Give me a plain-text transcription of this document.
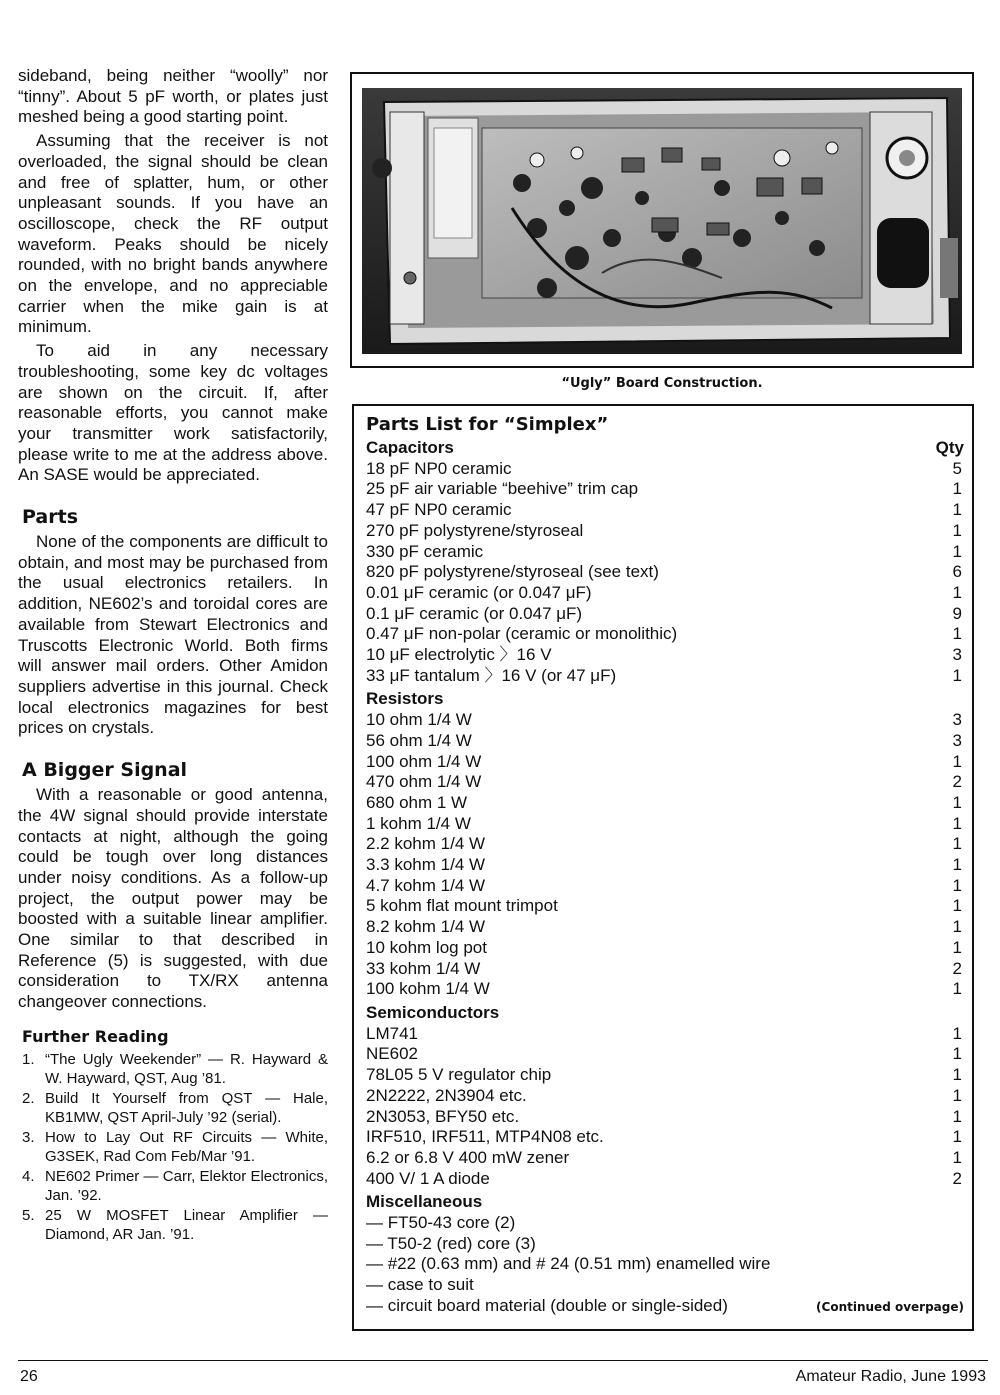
sideband, being neither “woolly” nor “tinny”. About 5 pF worth, or plates just meshed being a good starting point.

Assuming that the receiver is not overloaded, the signal should be clean and free of splatter, hum, or other unpleasant sounds. If you have an oscilloscope, check the RF output waveform. Peaks should be nicely rounded, with no bright bands anywhere on the envelope, and no appreciable carrier when the mike gain is at minimum.

To aid in any necessary troubleshooting, some key dc voltages are shown on the circuit. If, after reasonable efforts, you cannot make your transmitter work satisfactorily, please write to me at the address above. An SASE would be appreciated.

Parts

None of the components are difficult to obtain, and most may be purchased from the usual electronics retailers. In addition, NE602’s and toroidal cores are available from Stewart Electronics and Truscotts Electronic World. Both firms will answer mail orders. Other Amidon suppliers advertise in this journal. Check local electronics magazines for best prices on crystals.

A Bigger Signal

With a reasonable or good antenna, the 4W signal should provide interstate contacts at night, although the going could be tough over long distances under noisy conditions. As a follow-up project, the output power may be boosted with a suitable linear amplifier. One similar to that described in Reference (5) is suggested, with due consideration to TX/RX antenna changeover connections.

Further Reading
1. “The Ugly Weekender” — R. Hayward & W. Hayward, QST, Aug ’81.
2. Build It Yourself from QST — Hale, KB1MW, QST April-July ’92 (serial).
3. How to Lay Out RF Circuits — White, G3SEK, Rad Com Feb/Mar ’91.
4. NE602 Primer — Carr, Elektor Electronics, Jan. ’92.
5. 25 W MOSFET Linear Amplifier — Diamond, AR Jan. ’91.
“Ugly” Board Construction.
Parts List for “Simplex”
Capacitors	Qty
18 pF NP0 ceramic	5
25 pF air variable “beehive” trim cap	1
47 pF NP0 ceramic	1
270 pF polystyrene/styroseal	1
330 pF ceramic	1
820 pF polystyrene/styroseal (see text)	6
0.01 μF ceramic (or 0.047 μF)	1
0.1 μF ceramic (or 0.047 μF)	9
0.47 μF non-polar (ceramic or monolithic)	1
10 μF electrolytic 〉16 V	3
33 μF tantalum 〉16 V (or 47 μF)	1
Resistors
10 ohm 1/4 W	3
56 ohm 1/4 W	3
100 ohm 1/4 W	1
470 ohm 1/4 W	2
680 ohm 1 W	1
1 kohm 1/4 W	1
2.2 kohm 1/4 W	1
3.3 kohm 1/4 W	1
4.7 kohm 1/4 W	1
5 kohm flat mount trimpot	1
8.2 kohm 1/4 W	1
10 kohm log pot	1
33 kohm 1/4 W	2
100 kohm 1/4 W	1
Semiconductors
LM741	1
NE602	1
78L05 5 V regulator chip	1
2N2222, 2N3904 etc.	1
2N3053, BFY50 etc.	1
IRF510, IRF511, MTP4N08 etc.	1
6.2 or 6.8 V 400 mW zener	1
400 V/ 1 A diode	2
Miscellaneous
— FT50-43 core (2)
— T50-2 (red) core (3)
— #22 (0.63 mm) and # 24 (0.51 mm) enamelled wire
— case to suit
— circuit board material (double or single-sided)	(Continued overpage)
26	Amateur Radio, June 1993
